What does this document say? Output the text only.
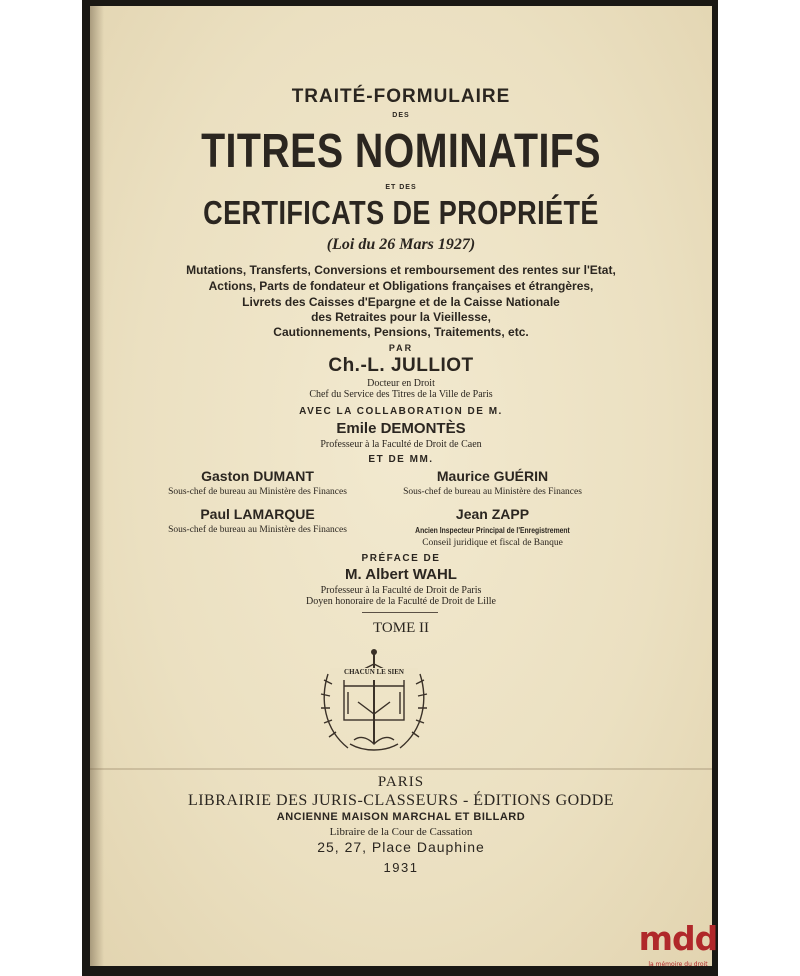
TRAITÉ-FORMULAIRE
DES
TITRES NOMINATIFS
ET DES
CERTIFICATS DE PROPRIÉTÉ
(Loi du 26 Mars 1927)
Mutations, Transferts, Conversions et remboursement des rentes sur l'Etat,
Actions, Parts de fondateur et Obligations françaises et étrangères,
Livrets des Caisses d'Epargne et de la Caisse Nationale
des Retraites pour la Vieillesse,
Cautionnements, Pensions, Traitements, etc.
PAR
Ch.-L. JULLIOT
Docteur en Droit
Chef du Service des Titres de la Ville de Paris
AVEC LA COLLABORATION DE M.
Emile DEMONTÈS
Professeur à la Faculté de Droit de Caen
ET DE MM.
Gaston DUMANT
Sous-chef de bureau au Ministère des Finances
Maurice GUÉRIN
Sous-chef de bureau au Ministère des Finances
Paul LAMARQUE
Sous-chef de bureau au Ministère des Finances
Jean ZAPP
Ancien Inspecteur Principal de l'Enregistrement
Conseil juridique et fiscal de Banque
PRÉFACE DE
M. Albert WAHL
Professeur à la Faculté de Droit de Paris
Doyen honoraire de la Faculté de Droit de Lille
TOME II
CHACUN LE SIEN
PARIS
LIBRAIRIE DES JURIS-CLASSEURS - ÉDITIONS GODDE
ANCIENNE MAISON MARCHAL ET BILLARD
Libraire de la Cour de Cassation
25, 27, Place Dauphine
1931
mdd
la mémoire du droit
